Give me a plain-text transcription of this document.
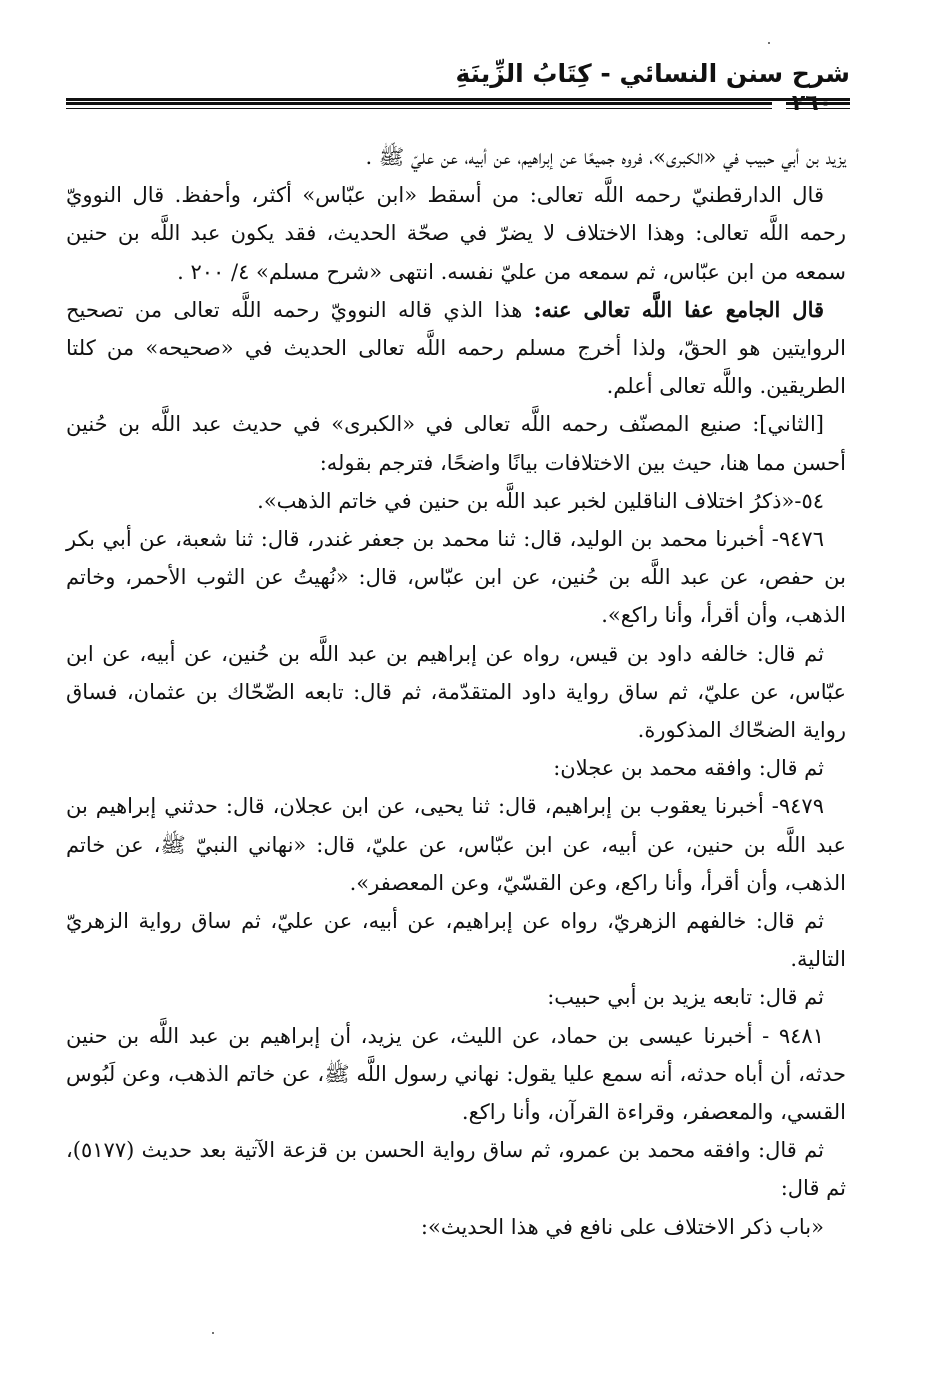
شرح سنن النسائي - كِتَابُ الزِّينَةِ
٢٦٠

يزيد بن أبي حبيب في «الكبرى»، فروه جميعًا عن إبراهيم، عن أبيه، عن عليّ ﷺ .

قال الدارقطنيّ رحمه اللَّه تعالى: من أسقط «ابن عبّاس» أكثر، وأحفظ. قال النوويّ رحمه اللَّه تعالى: وهذا الاختلاف لا يضرّ في صحّة الحديث، فقد يكون عبد اللَّه بن حنين سمعه من ابن عبّاس، ثم سمعه من عليّ نفسه. انتهى «شرح مسلم» ٤/ ٢٠٠ .

قال الجامع عفا اللَّه تعالى عنه: هذا الذي قاله النوويّ رحمه اللَّه تعالى من تصحيح الروايتين هو الحقّ، ولذا أخرج مسلم رحمه اللَّه تعالى الحديث في «صحيحه» من كلتا الطريقين. واللَّه تعالى أعلم.

[الثاني]: صنيع المصنّف رحمه اللَّه تعالى في «الكبرى» في حديث عبد اللَّه بن حُنين أحسن مما هنا، حيث بين الاختلافات بيانًا واضحًا، فترجم بقوله:

٥٤-«ذكرُ اختلاف الناقلين لخبر عبد اللَّه بن حنين في خاتم الذهب».

٩٤٧٦- أخبرنا محمد بن الوليد، قال: ثنا محمد بن جعفر غندر، قال: ثنا شعبة، عن أبي بكر بن حفص، عن عبد اللَّه بن حُنين، عن ابن عبّاس، قال: «نُهيتُ عن الثوب الأحمر، وخاتم الذهب، وأن أقرأ، وأنا راكع».

ثم قال: خالفه داود بن قيس، رواه عن إبراهيم بن عبد اللَّه بن حُنين، عن أبيه، عن ابن عبّاس، عن عليّ، ثم ساق رواية داود المتقدّمة، ثم قال: تابعه الضّحّاك بن عثمان، فساق رواية الضحّاك المذكورة.

ثم قال: وافقه محمد بن عجلان:

٩٤٧٩- أخبرنا يعقوب بن إبراهيم، قال: ثنا يحيى، عن ابن عجلان، قال: حدثني إبراهيم بن عبد اللَّه بن حنين، عن أبيه، عن ابن عبّاس، عن عليّ، قال: «نهاني النبيّ ﷺ، عن خاتم الذهب، وأن أقرأ، وأنا راكع، وعن القسّيّ، وعن المعصفر».

ثم قال: خالفهم الزهريّ، رواه عن إبراهيم، عن أبيه، عن عليّ، ثم ساق رواية الزهريّ التالية.

ثم قال: تابعه يزيد بن أبي حبيب:

٩٤٨١ - أخبرنا عيسى بن حماد، عن الليث، عن يزيد، أن إبراهيم بن عبد اللَّه بن حنين حدثه، أن أباه حدثه، أنه سمع عليا يقول: نهاني رسول اللَّه ﷺ، عن خاتم الذهب، وعن لَبُوس القسي، والمعصفر، وقراءة القرآن، وأنا راكع.

ثم قال: وافقه محمد بن عمرو، ثم ساق رواية الحسن بن قزعة الآتية بعد حديث (٥١٧٧)، ثم قال:

«باب ذكر الاختلاف على نافع في هذا الحديث»:
